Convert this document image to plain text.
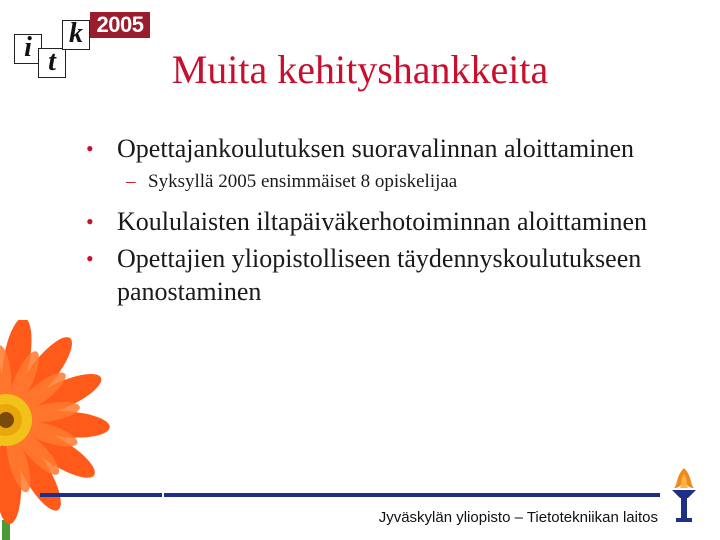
2005
i t
k
Muita kehityshankkeita
• Opettajankoulutuksen suoravalinnan aloittaminen
– Syksyllä 2005 ensimmäiset 8 opiskelijaa
• Koululaisten iltapäiväkerhotoiminnan aloittaminen
• Opettajien yliopistolliseen täydennyskoulutukseen panostaminen
Jyväskylän yliopisto – Tietotekniikan laitos
